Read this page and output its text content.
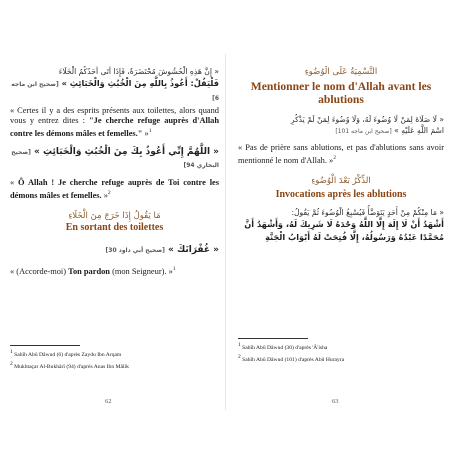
« إِنَّ هَذِهِ الْحُشُوشَ مُحْتَضَرَةٌ، فَإِذَا أَتَى أَحَدُكُمُ الْخَلَاءَ

فَلْيَقُلْ: أَعُوذُ بِاللَّهِ مِنَ الْخُبُثِ وَالْخَبَائِثِ » [صحيح ابن ماجه 6]

« Certes il y a des esprits présents aux toilettes, alors quand vous y entrez dites : "Je cherche refuge auprès d'Allah contre les démons mâles et femelles." »$^1$

« اللَّهُمَّ إِنِّي أَعُوذُ بِكَ مِنَ الْخُبُثِ وَالْخَبَائِثِ » [صحيح البخاري 94]

« Ô Allah ! Je cherche refuge auprès de Toi contre les démons mâles et femelles. »$^2$

مَا يَقُولُ إِذَا خَرَجَ مِنَ الْخَلَاءِ

En sortant des toilettes

« غُفْرَانَكَ » [صحيح أبي داود 30]

« (Accorde-moi) Ton pardon (mon Seigneur). »$^1$

$^1$ Sahîh Abû Dâwud (6) d'après Zaydu Ibn Arqam

$^2$ Mukhtaçar Al-Bukhârî (94) d'après Anas Ibn Mâlik

62

التَّسْمِيَةُ عَلَى الْوُضُوءِ

Mentionner le nom d'Allah avant les ablutions

« لَا صَلَاةَ لِمَنْ لَا وُضُوءَ لَهُ، وَلَا وُضُوءَ لِمَنْ لَمْ يَذْكُرِ

اسْمَ اللَّهِ عَلَيْهِ » [صحيح ابن ماجه 101]

« Pas de prière sans ablutions, et pas d'ablutions sans avoir mentionné le nom d'Allah. »$^2$

الذِّكْرُ بَعْدَ الْوُضُوءِ

Invocations après les ablutions

« مَا مِنْكُمْ مِنْ أَحَدٍ يَتَوَضَّأُ فَيُسْبِغُ الْوُضُوءَ ثُمَّ يَقُولُ:

أَشْهَدُ أَنْ لَا إِلَهَ إِلَّا اللَّهُ وَحْدَهُ لَا شَرِيكَ لَهُ، وَأَشْهَدُ أَنَّ

مُحَمَّدًا عَبْدُهُ وَرَسُولُهُ، إِلَّا فُتِحَتْ لَهُ أَبْوَابُ الْجَنَّةِ

$^1$ Sahîh Abû Dâwud (30) d'après 'Â'isha

$^2$ Sahîh Abû Dâwud (101) d'après Abû Hurayra

63
